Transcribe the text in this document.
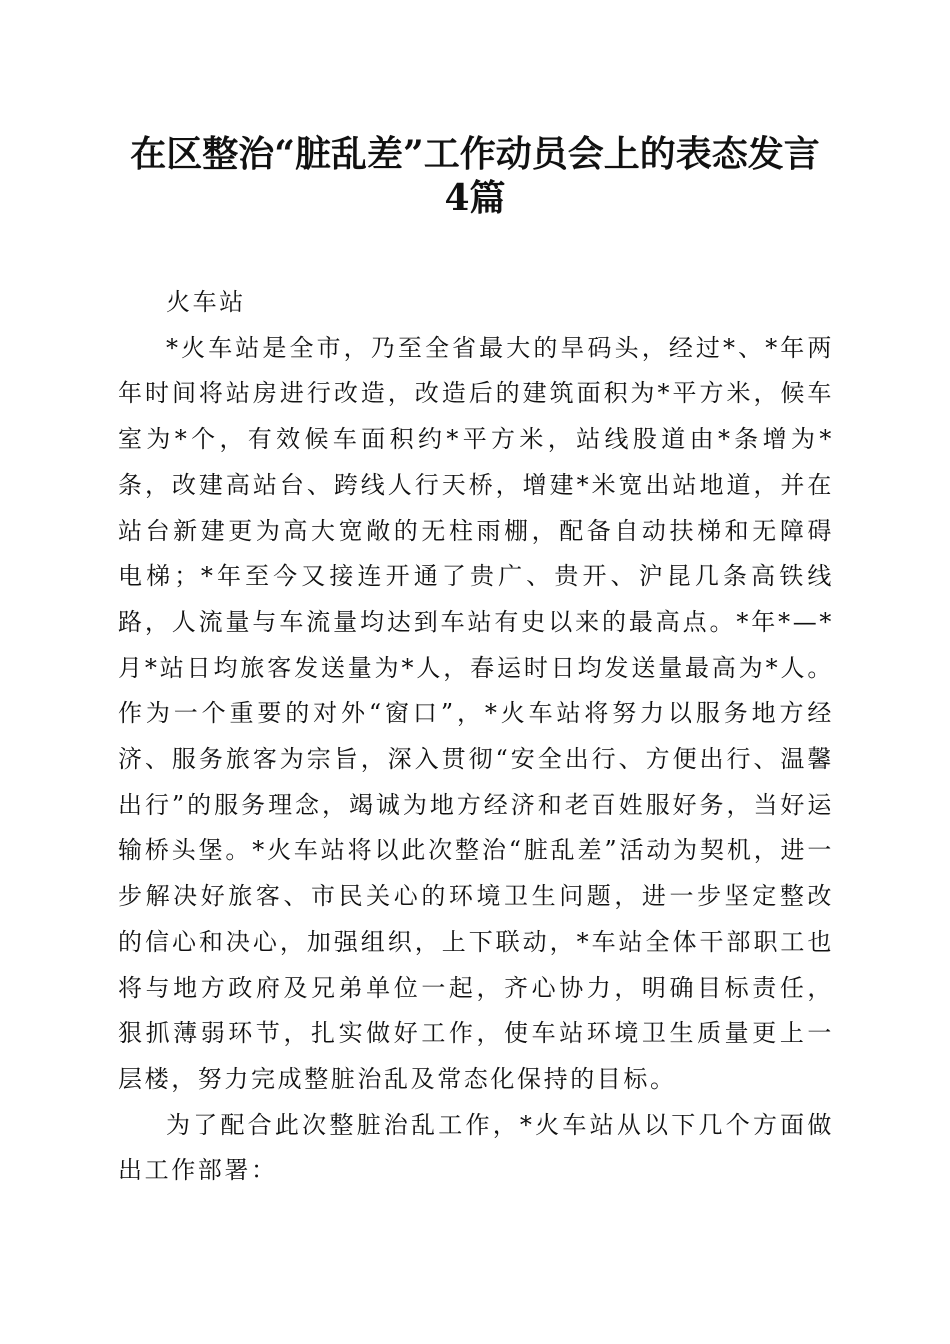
在区整治“脏乱差”工作动员会上的表态发言
4篇

火车站

*火车站是全市，乃至全省最大的旱码头，经过*、*年两年时间将站房进行改造，改造后的建筑面积为*平方米，候车室为*个，有效候车面积约*平方米，站线股道由*条增为*条，改建高站台、跨线人行天桥，增建*米宽出站地道，并在站台新建更为高大宽敞的无柱雨棚，配备自动扶梯和无障碍电梯；*年至今又接连开通了贵广、贵开、沪昆几条高铁线路，人流量与车流量均达到车站有史以来的最高点。*年*—*月*站日均旅客发送量为*人，春运时日均发送量最高为*人。作为一个重要的对外“窗口”，*火车站将努力以服务地方经济、服务旅客为宗旨，深入贯彻“安全出行、方便出行、温馨出行”的服务理念，竭诚为地方经济和老百姓服好务，当好运输桥头堡。*火车站将以此次整治“脏乱差”活动为契机，进一步解决好旅客、市民关心的环境卫生问题，进一步坚定整改的信心和决心，加强组织，上下联动，*车站全体干部职工也将与地方政府及兄弟单位一起，齐心协力，明确目标责任，狠抓薄弱环节，扎实做好工作，使车站环境卫生质量更上一层楼，努力完成整脏治乱及常态化保持的目标。

为了配合此次整脏治乱工作，*火车站从以下几个方面做出工作部署：
